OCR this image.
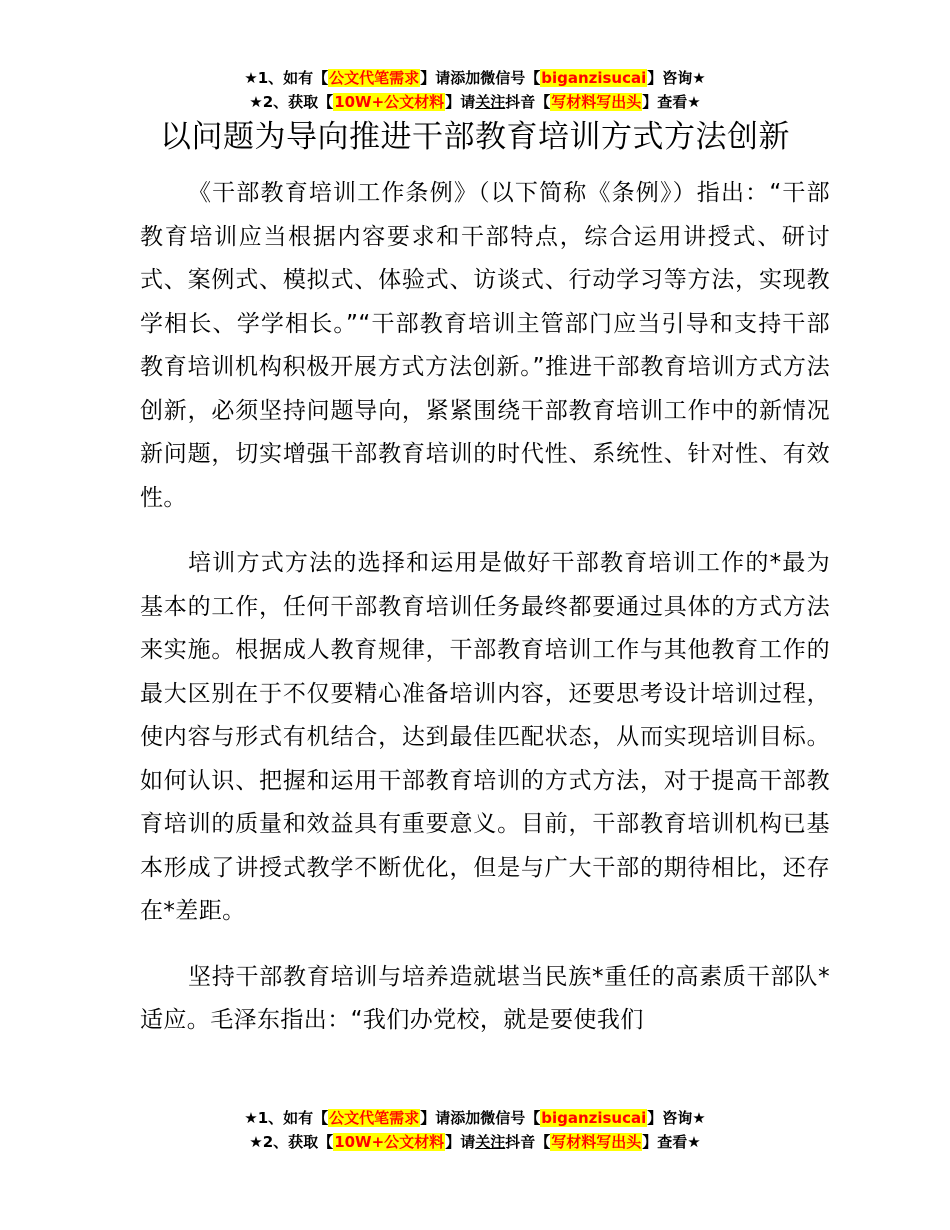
★1、如有【公文代笔需求】请添加微信号【biganzisucai】咨询★
★2、获取【10W+公文材料】请关注抖音【写材料写出头】查看★
以问题为导向推进干部教育培训方式方法创新

《干部教育培训工作条例》（以下简称《条例》）指出：“干部教育培训应当根据内容要求和干部特点，综合运用讲授式、研讨式、案例式、模拟式、体验式、访谈式、行动学习等方法，实现教学相长、学学相长。”“干部教育培训主管部门应当引导和支持干部教育培训机构积极开展方式方法创新。”推进干部教育培训方式方法创新，必须坚持问题导向，紧紧围绕干部教育培训工作中的新情况新问题，切实增强干部教育培训的时代性、系统性、针对性、有效性。

培训方式方法的选择和运用是做好干部教育培训工作的*最为基本的工作，任何干部教育培训任务最终都要通过具体的方式方法来实施。根据成人教育规律，干部教育培训工作与其他教育工作的最大区别在于不仅要精心准备培训内容，还要思考设计培训过程，使内容与形式有机结合，达到最佳匹配状态，从而实现培训目标。如何认识、把握和运用干部教育培训的方式方法，对于提高干部教育培训的质量和效益具有重要意义。目前，干部教育培训机构已基本形成了讲授式教学不断优化，但是与广大干部的期待相比，还存在*差距。

坚持干部教育培训与培养造就堪当民族*重任的高素质干部队*适应。毛泽东指出：“我们办党校，就是要使我们

★1、如有【公文代笔需求】请添加微信号【biganzisucai】咨询★
★2、获取【10W+公文材料】请关注抖音【写材料写出头】查看★
